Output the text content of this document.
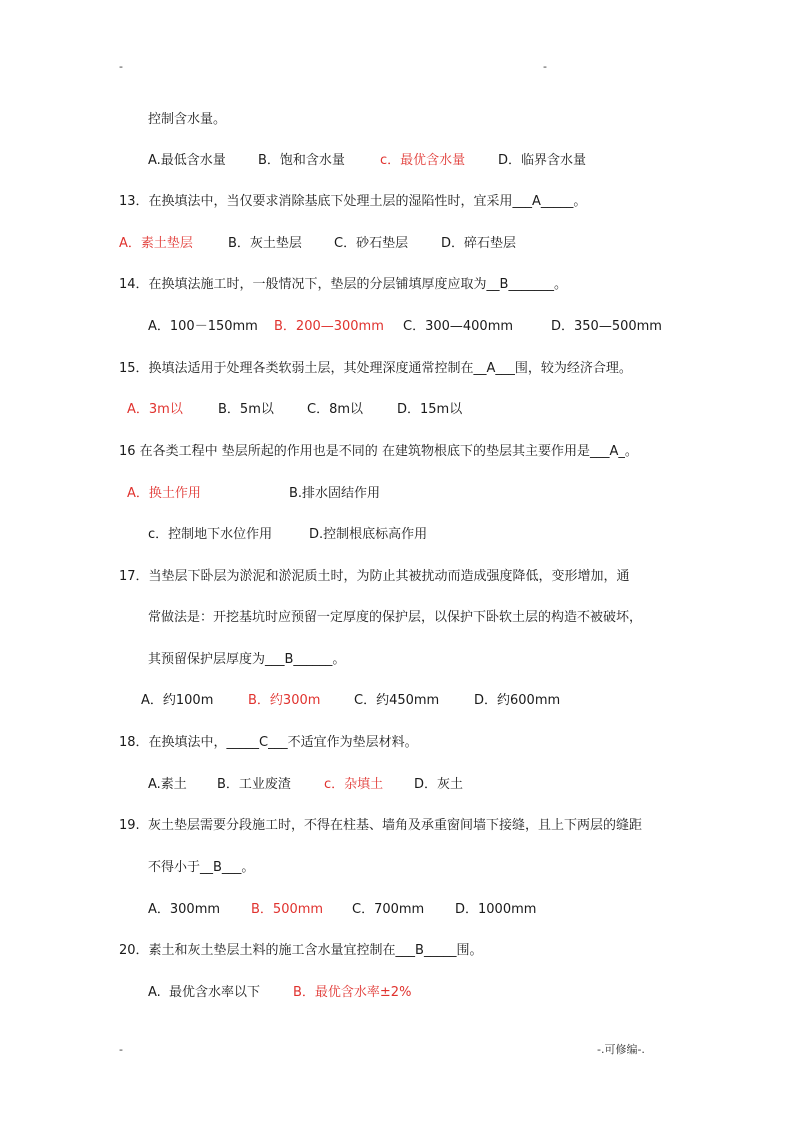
-	-
控制含水量。
A.最低含水量 B．饱和含水量	c．最优含水量	D．临界含水量
13．在换填法中，当仅要求消除基底下处理土层的湿陷性时，宜采用___A_____。
A．素土垫层	B．灰土垫层 C．砂石垫层	D．碎石垫层
14．在换填法施工时，一般情况下，垫层的分层铺填厚度应取为__B_______。
A．100－150mm B．200—300mm C．300—400mm	D．350—500mm
15．换填法适用于处理各类软弱土层，其处理深度通常控制在__A___围，较为经济合理。
A．3m以	B．5m以	C．8m以	D．15m以
16 在各类工程中 垫层所起的作用也是不同的 在建筑物根底下的垫层其主要作用是___A_。
A．换土作用	B.排水固结作用
c．控制地下水位作用	D.控制根底标高作用
17．当垫层下卧层为淤泥和淤泥质土时，为防止其被扰动而造成强度降低，变形增加，通
常做法是：开挖基坑时应预留一定厚度的保护层，以保护下卧软土层的构造不被破坏，
其预留保护层厚度为___B______。
A．约100m	B．约300m	C．约450mm	D．约600mm
18．在换填法中，_____C___不适宜作为垫层材料。
A.素土 B．工业废渣	c．杂填土 D．灰土
19.  灰土垫层需要分段施工时，不得在柱基、墙角及承重窗间墙下接缝，且上下两层的缝距
不得小于__B___。
A．300mm B．500mm C．700mm D．1000mm
20．素土和灰土垫层土料的施工含水量宜控制在___B_____围。
A.  最优含水率以下	B．最优含水率±2%
-	-.可修编-.
